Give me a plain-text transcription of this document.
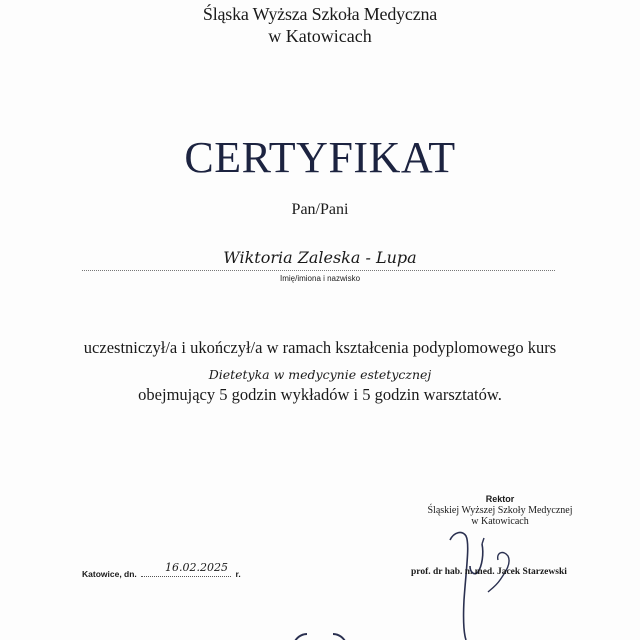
Śląska Wyższa Szkoła Medyczna
w Katowicach
CERTYFIKAT
Pan/Pani
Wiktoria Zaleska - Lupa
Imię/imiona i nazwisko
uczestniczył/a i ukończył/a w ramach kształcenia podyplomowego kurs
Dietetyka w medycynie estetycznej
obejmujący 5 godzin wykładów i 5 godzin warsztatów.
Rektor
Śląskiej Wyższej Szkoły Medycznej
w Katowicach
prof. dr hab. n. med. Jacek Starzewski
Katowice, dn.	r.
16.02.2025
